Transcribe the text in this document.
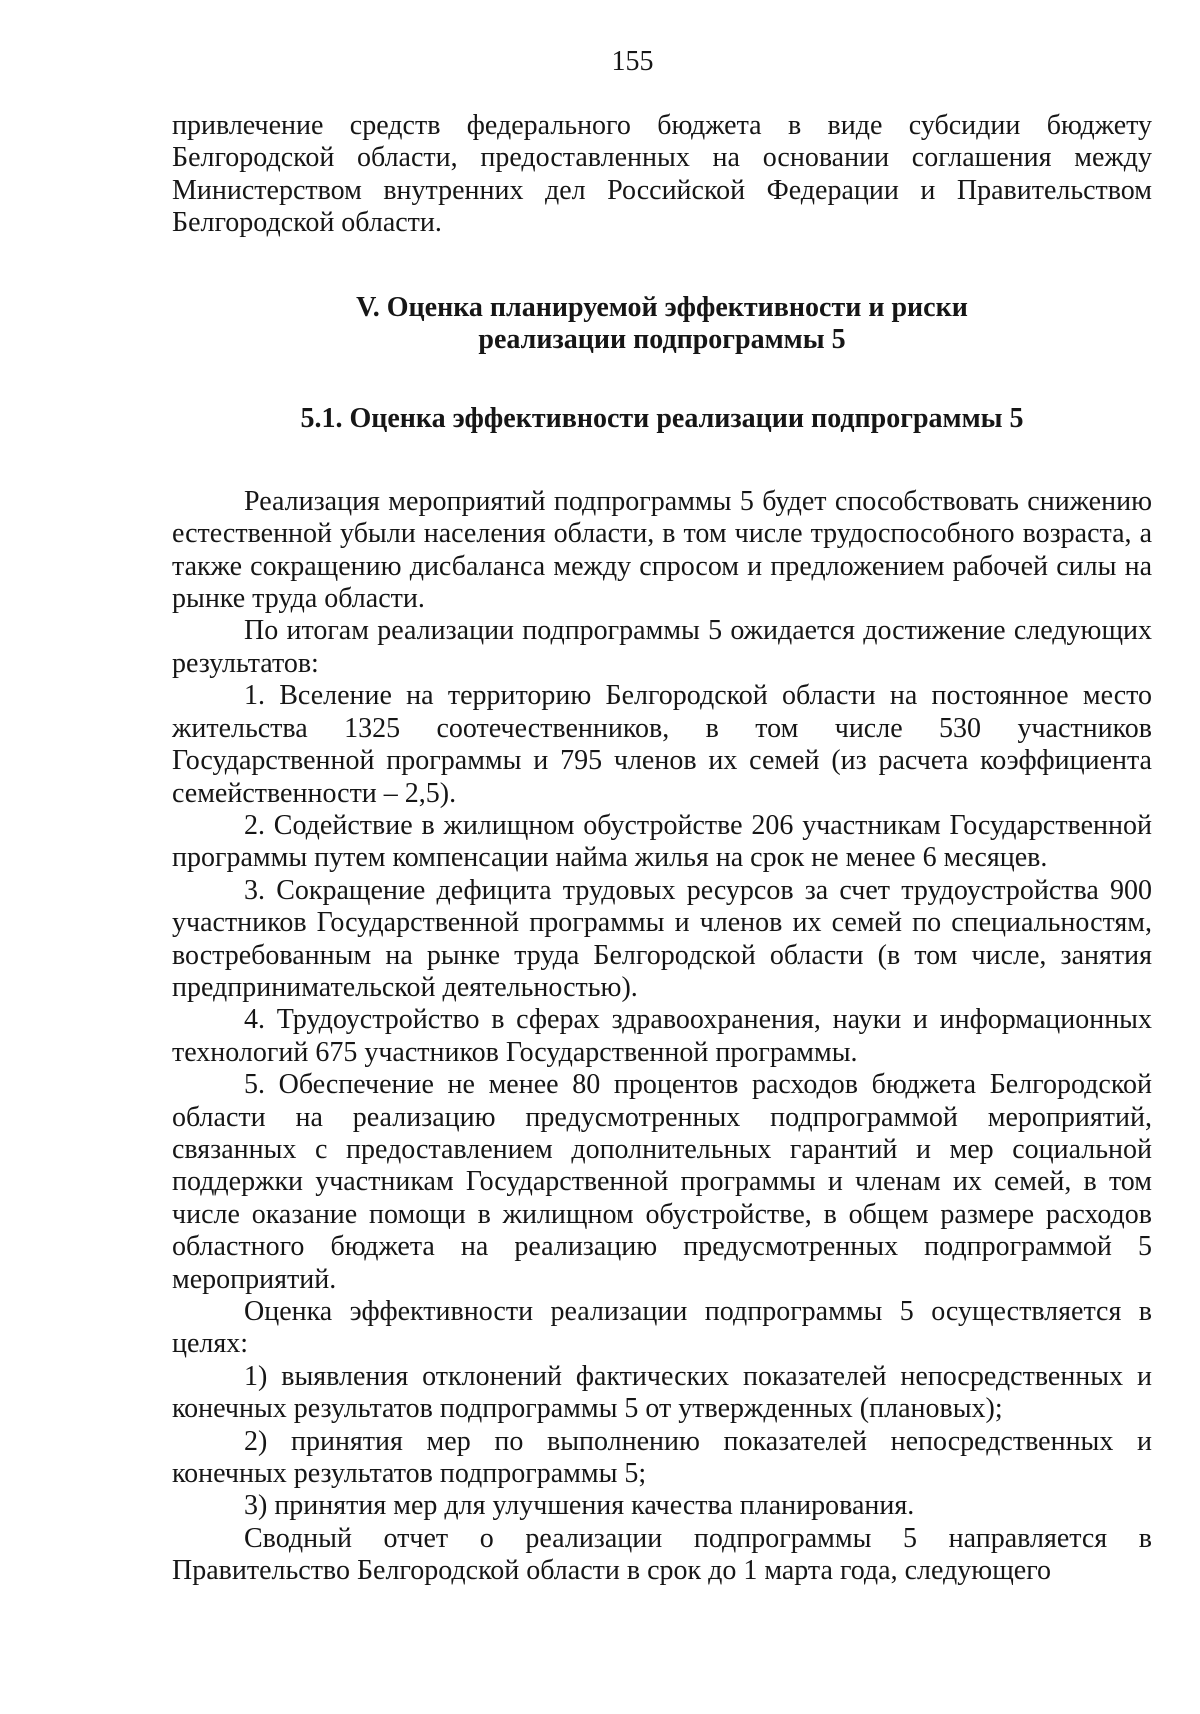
155

привлечение средств федерального бюджета в виде субсидии бюджету Белгородской области, предоставленных на основании соглашения между Министерством внутренних дел Российской Федерации и Правительством Белгородской области.

V. Оценка планируемой эффективности и риски
реализации подпрограммы 5
5.1. Оценка эффективности реализации подпрограммы 5

Реализация мероприятий подпрограммы 5 будет способствовать снижению естественной убыли населения области, в том числе трудоспособного возраста, а также сокращению дисбаланса между спросом и предложением рабочей силы на рынке труда области.

По итогам реализации подпрограммы 5 ожидается достижение следующих результатов:

1. Вселение на территорию Белгородской области на постоянное место жительства 1325 соотечественников, в том числе 530 участников Государственной программы и 795 членов их семей (из расчета коэффициента семейственности – 2,5).

2. Содействие в жилищном обустройстве 206 участникам Государственной программы путем компенсации найма жилья на срок не менее 6 месяцев.

3. Сокращение дефицита трудовых ресурсов за счет трудоустройства 900 участников Государственной программы и членов их семей по специальностям, востребованным на рынке труда Белгородской области (в том числе, занятия предпринимательской деятельностью).

4. Трудоустройство в сферах здравоохранения, науки и информационных технологий 675 участников Государственной программы.

5. Обеспечение не менее 80 процентов расходов бюджета Белгородской области на реализацию предусмотренных подпрограммой мероприятий, связанных с предоставлением дополнительных гарантий и мер социальной поддержки участникам Государственной программы и членам их семей, в том числе оказание помощи в жилищном обустройстве, в общем размере расходов областного бюджета на реализацию предусмотренных подпрограммой 5 мероприятий.

Оценка эффективности реализации подпрограммы 5 осуществляется в целях:

1) выявления отклонений фактических показателей непосредственных и конечных результатов подпрограммы 5 от утвержденных (плановых);

2) принятия мер по выполнению показателей непосредственных и конечных результатов подпрограммы 5;

3) принятия мер для улучшения качества планирования.

Сводный отчет о реализации подпрограммы 5 направляется в Правительство Белгородской области в срок до 1 марта года, следующего
